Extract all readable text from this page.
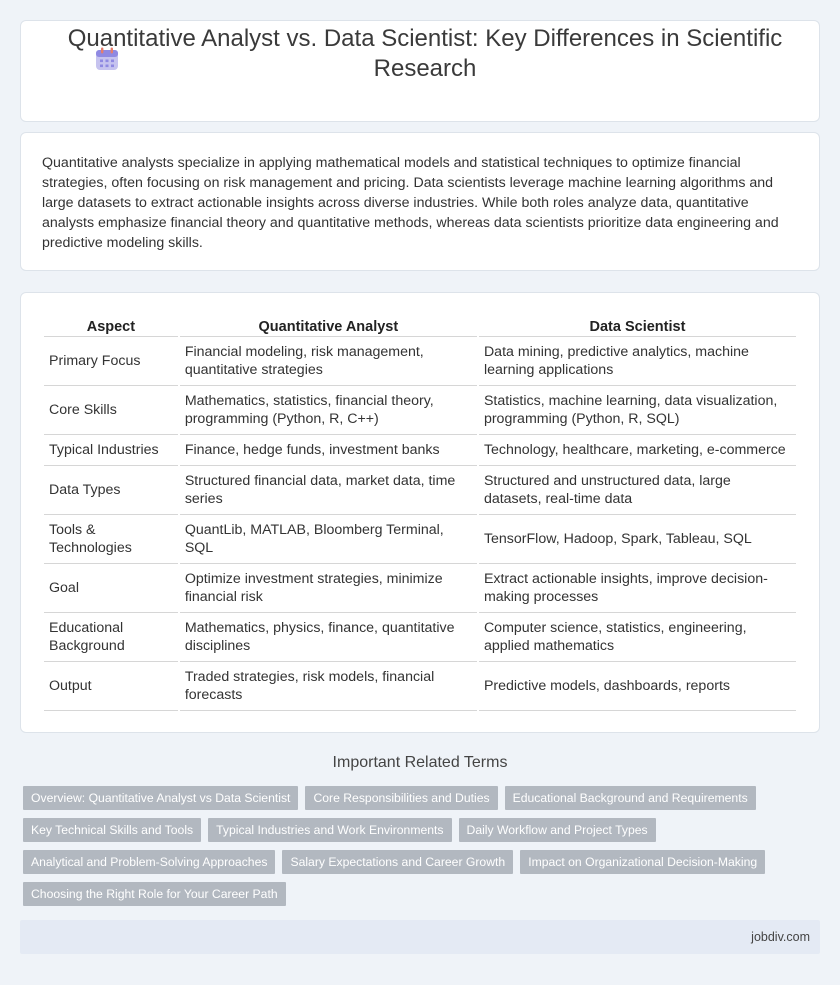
Quantitative Analyst vs. Data Scientist: Key Differences in Scientific Research

Quantitative analysts specialize in applying mathematical models and statistical techniques to optimize financial strategies, often focusing on risk management and pricing. Data scientists leverage machine learning algorithms and large datasets to extract actionable insights across diverse industries. While both roles analyze data, quantitative analysts emphasize financial theory and quantitative methods, whereas data scientists prioritize data engineering and predictive modeling skills.

Aspect	Quantitative Analyst	Data Scientist
Primary Focus	Financial modeling, risk management, quantitative strategies	Data mining, predictive analytics, machine learning applications
Core Skills	Mathematics, statistics, financial theory, programming (Python, R, C++)	Statistics, machine learning, data visualization, programming (Python, R, SQL)
Typical Industries	Finance, hedge funds, investment banks	Technology, healthcare, marketing, e-commerce
Data Types	Structured financial data, market data, time series	Structured and unstructured data, large datasets, real-time data
Tools & Technologies	QuantLib, MATLAB, Bloomberg Terminal, SQL	TensorFlow, Hadoop, Spark, Tableau, SQL
Goal	Optimize investment strategies, minimize financial risk	Extract actionable insights, improve decision-making processes
Educational Background	Mathematics, physics, finance, quantitative disciplines	Computer science, statistics, engineering, applied mathematics
Output	Traded strategies, risk models, financial forecasts	Predictive models, dashboards, reports
Important Related Terms
Overview: Quantitative Analyst vs Data Scientist Core Responsibilities and Duties Educational Background and Requirements
Key Technical Skills and Tools Typical Industries and Work Environments Daily Workflow and Project Types
Analytical and Problem-Solving Approaches Salary Expectations and Career Growth Impact on Organizational Decision-Making
Choosing the Right Role for Your Career Path
jobdiv.com
